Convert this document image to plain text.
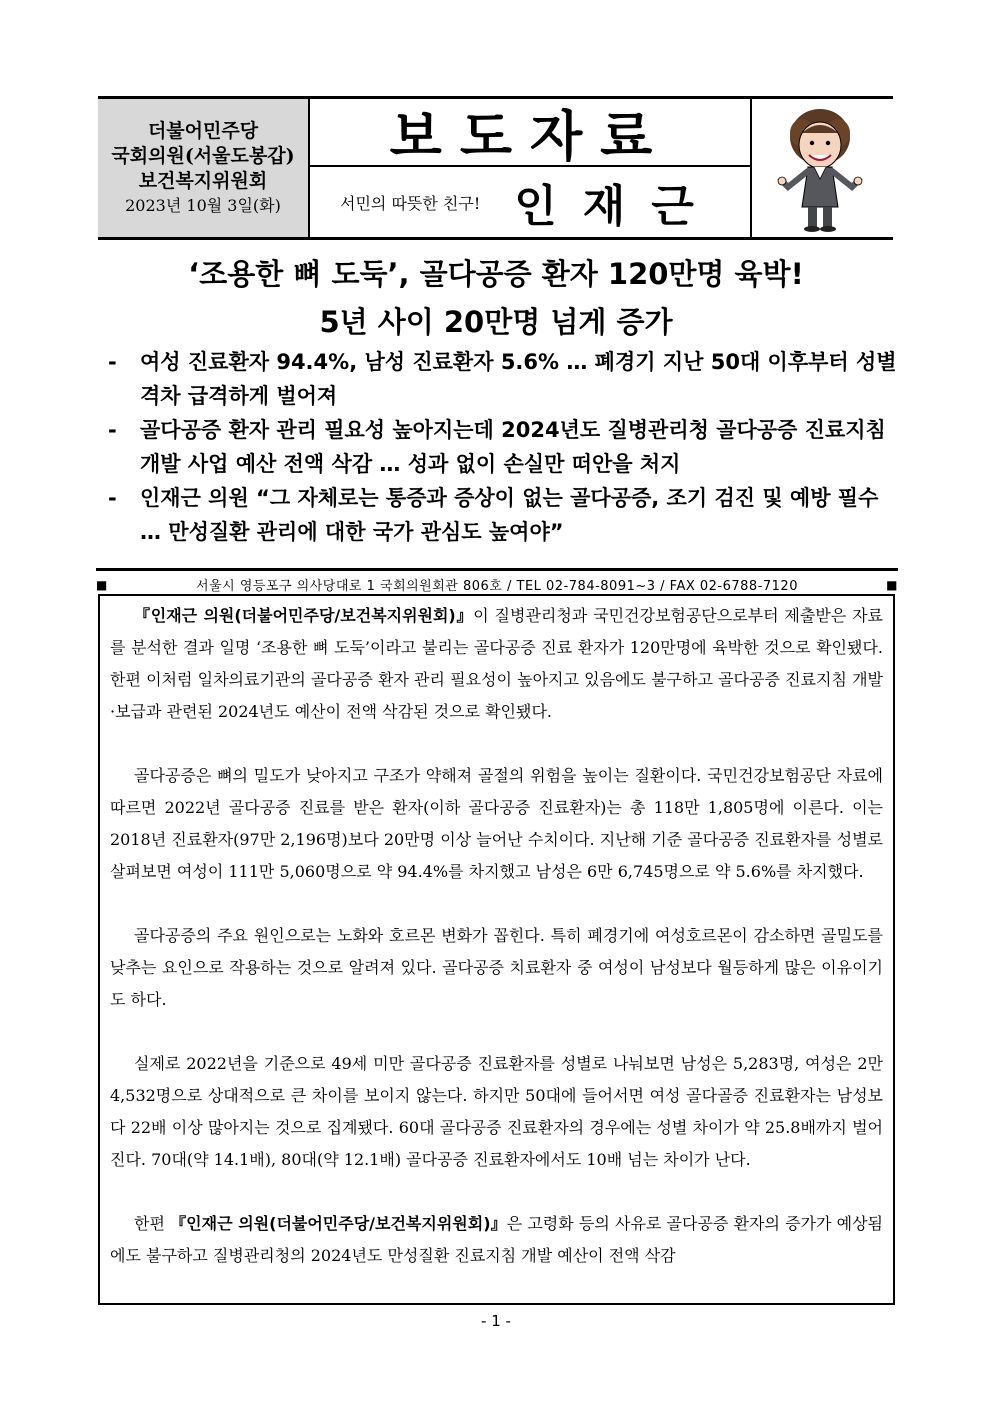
더불어민주당
국회의원(서울도봉갑)
보건복지위원회
2023년 10월 3일(화)
보도자료
서민의 따뜻한 친구! 인재근
‘조용한 뼈 도둑’, 골다공증 환자 120만명 육박!
5년 사이 20만명 넘게 증가
- 여성 진료환자 94.4%, 남성 진료환자 5.6% … 폐경기 지난 50대 이후부터 성별 격차 급격하게 벌어져
- 골다공증 환자 관리 필요성 높아지는데 2024년도 질병관리청 골다공증 진료지침 개발 사업 예산 전액 삭감 … 성과 없이 손실만 떠안을 처지
- 인재근 의원 “그 자체로는 통증과 증상이 없는 골다공증, 조기 검진 및 예방 필수 … 만성질환 관리에 대한 국가 관심도 높여야”
■	서울시 영등포구 의사당대로 1 국회의원회관 806호 / TEL 02-784-8091~3 / FAX 02-6788-7120	■

『인재근 의원(더불어민주당/보건복지위원회)』이 질병관리청과 국민건강보험공단으로부터 제출받은 자료를 분석한 결과 일명 ‘조용한 뼈 도둑’이라고 불리는 골다공증 진료 환자가 120만명에 육박한 것으로 확인됐다. 한편 이처럼 일차의료기관의 골다공증 환자 관리 필요성이 높아지고 있음에도 불구하고 골다공증 진료지침 개발·보급과 관련된 2024년도 예산이 전액 삭감된 것으로 확인됐다.

골다공증은 뼈의 밀도가 낮아지고 구조가 약해져 골절의 위험을 높이는 질환이다. 국민건강보험공단 자료에 따르면 2022년 골다공증 진료를 받은 환자(이하 골다공증 진료환자)는 총 118만 1,805명에 이른다. 이는 2018년 진료환자(97만 2,196명)보다 20만명 이상 늘어난 수치이다. 지난해 기준 골다공증 진료환자를 성별로 살펴보면 여성이 111만 5,060명으로 약 94.4%를 차지했고 남성은 6만 6,745명으로 약 5.6%를 차지했다.

골다공증의 주요 원인으로는 노화와 호르몬 변화가 꼽힌다. 특히 폐경기에 여성호르몬이 감소하면 골밀도를 낮추는 요인으로 작용하는 것으로 알려져 있다. 골다공증 치료환자 중 여성이 남성보다 월등하게 많은 이유이기도 하다.

실제로 2022년을 기준으로 49세 미만 골다공증 진료환자를 성별로 나눠보면 남성은 5,283명, 여성은 2만 4,532명으로 상대적으로 큰 차이를 보이지 않는다. 하지만 50대에 들어서면 여성 골다골증 진료환자는 남성보다 22배 이상 많아지는 것으로 집계됐다. 60대 골다공증 진료환자의 경우에는 성별 차이가 약 25.8배까지 벌어진다. 70대(약 14.1배), 80대(약 12.1배) 골다공증 진료환자에서도 10배 넘는 차이가 난다.

한편 『인재근 의원(더불어민주당/보건복지위원회)』은 고령화 등의 사유로 골다공증 환자의 증가가 예상됨에도 불구하고 질병관리청의 2024년도 만성질환 진료지침 개발 예산이 전액 삭감

- 1 -
